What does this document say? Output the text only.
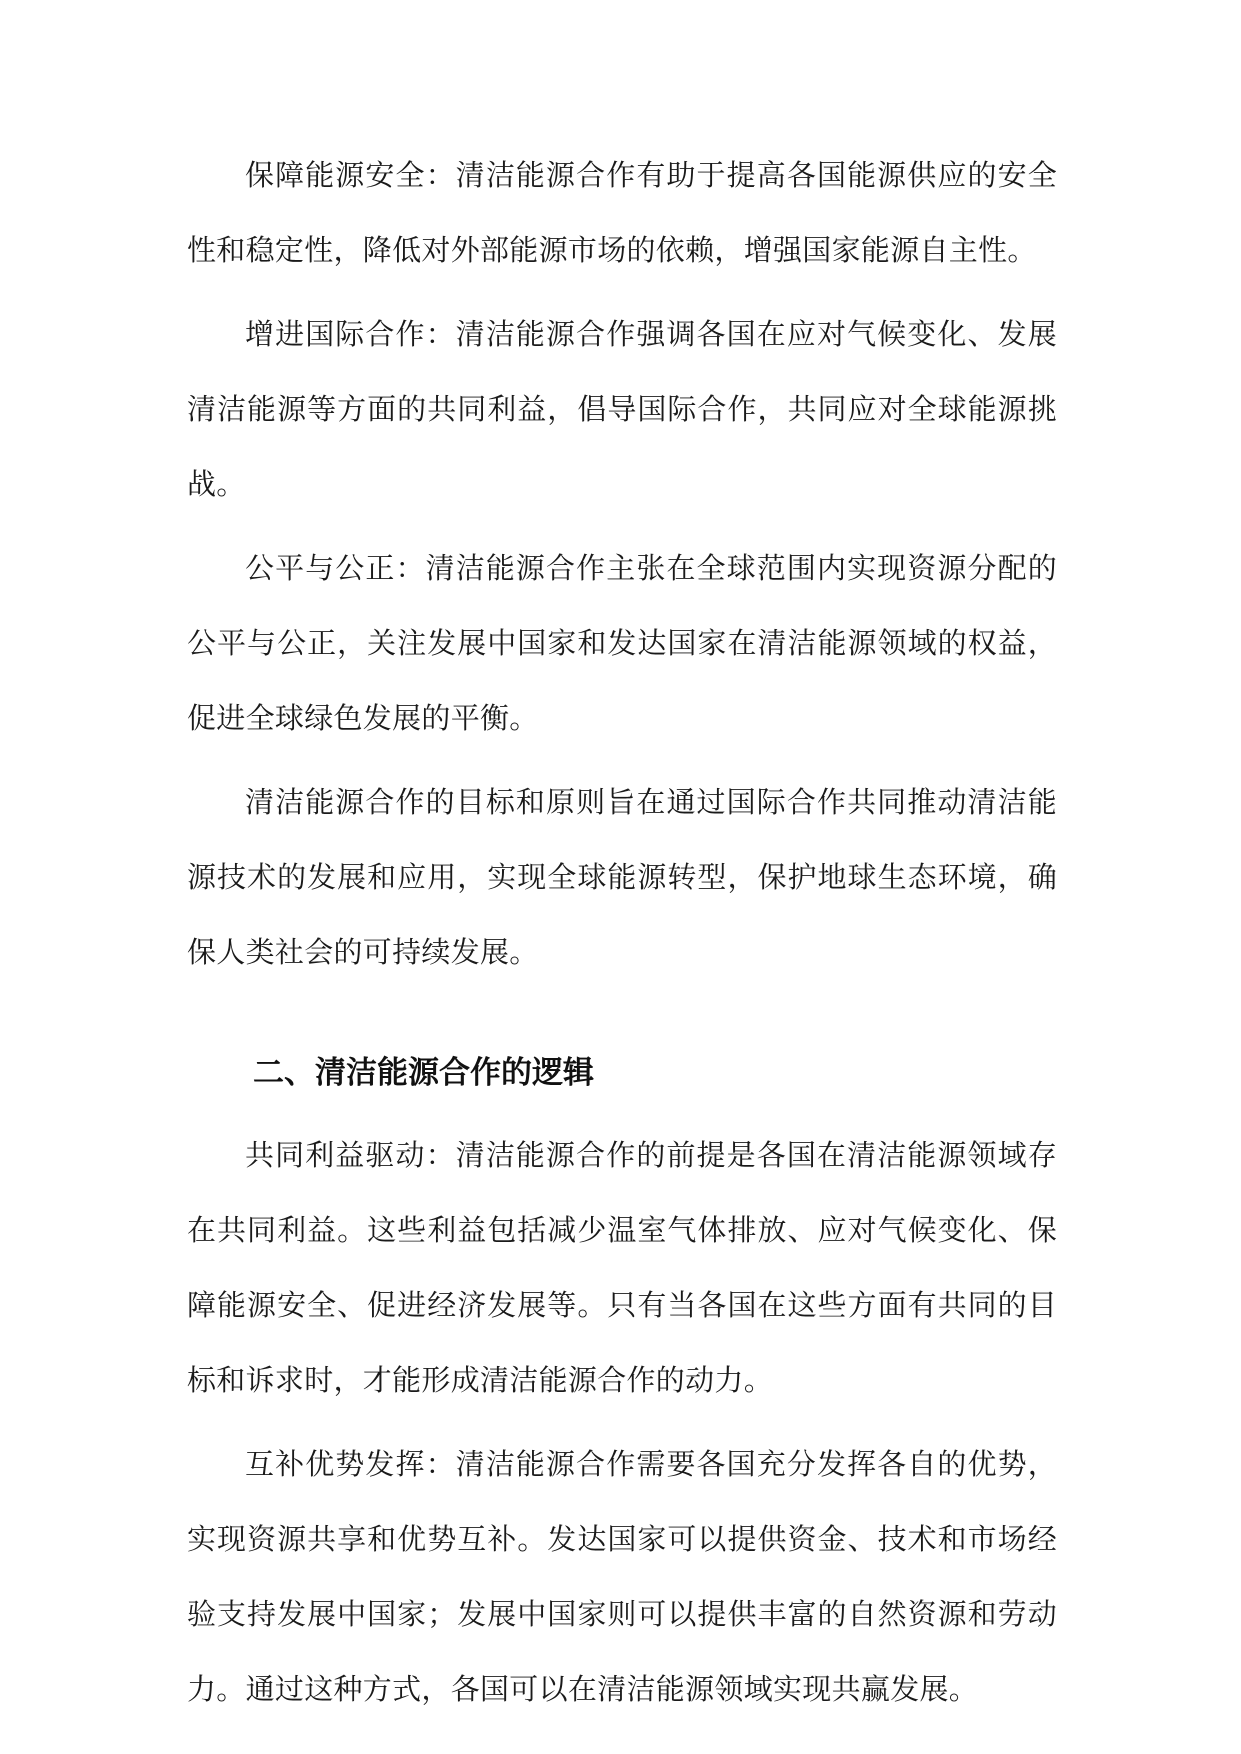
保障能源安全：清洁能源合作有助于提高各国能源供应的安全性和稳定性，降低对外部能源市场的依赖，增强国家能源自主性。

增进国际合作：清洁能源合作强调各国在应对气候变化、发展清洁能源等方面的共同利益，倡导国际合作，共同应对全球能源挑战。

公平与公正：清洁能源合作主张在全球范围内实现资源分配的公平与公正，关注发展中国家和发达国家在清洁能源领域的权益，促进全球绿色发展的平衡。

清洁能源合作的目标和原则旨在通过国际合作共同推动清洁能源技术的发展和应用，实现全球能源转型，保护地球生态环境，确保人类社会的可持续发展。

二、清洁能源合作的逻辑

共同利益驱动：清洁能源合作的前提是各国在清洁能源领域存在共同利益。这些利益包括减少温室气体排放、应对气候变化、保障能源安全、促进经济发展等。只有当各国在这些方面有共同的目标和诉求时，才能形成清洁能源合作的动力。

互补优势发挥：清洁能源合作需要各国充分发挥各自的优势，实现资源共享和优势互补。发达国家可以提供资金、技术和市场经验支持发展中国家；发展中国家则可以提供丰富的自然资源和劳动力。通过这种方式，各国可以在清洁能源领域实现共赢发展。
